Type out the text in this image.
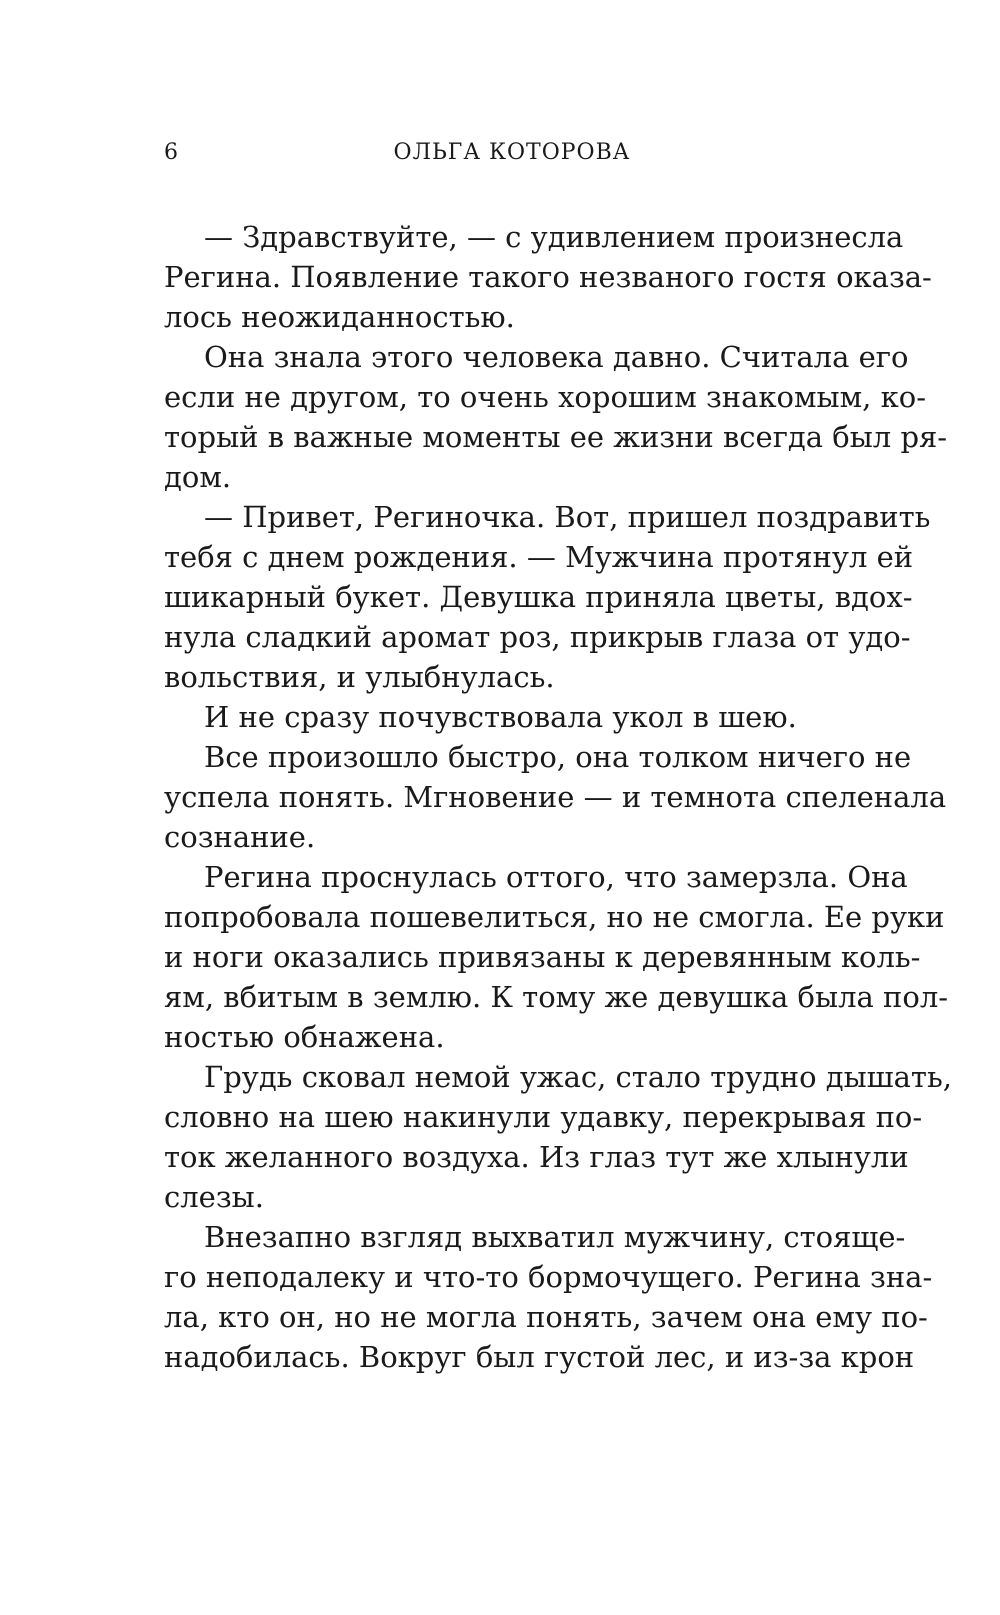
6	ОЛЬГА КОТОРОВА
— Здравствуйте, — с удивлением произнесла
Регина. Появление такого незваного гостя оказа-
лось неожиданностью.
Она знала этого человека давно. Считала его
если не другом, то очень хорошим знакомым, ко-
торый в важные моменты ее жизни всегда был ря-
дом.
— Привет, Региночка. Вот, пришел поздравить
тебя с днем рождения. — Мужчина протянул ей
шикарный букет. Девушка приняла цветы, вдох-
нула сладкий аромат роз, прикрыв глаза от удо-
вольствия, и улыбнулась.
И не сразу почувствовала укол в шею.
Все произошло быстро, она толком ничего не
успела понять. Мгновение — и темнота спеленала
сознание.
Регина проснулась оттого, что замерзла. Она
попробовала пошевелиться, но не смогла. Ее руки
и ноги оказались привязаны к деревянным коль-
ям, вбитым в землю. К тому же девушка была пол-
ностью обнажена.
Грудь сковал немой ужас, стало трудно дышать,
словно на шею накинули удавку, перекрывая по-
ток желанного воздуха. Из глаз тут же хлынули
слезы.
Внезапно взгляд выхватил мужчину, стояще-
го неподалеку и что-то бормочущего. Регина зна-
ла, кто он, но не могла понять, зачем она ему по-
надобилась. Вокруг был густой лес, и из-за крон
